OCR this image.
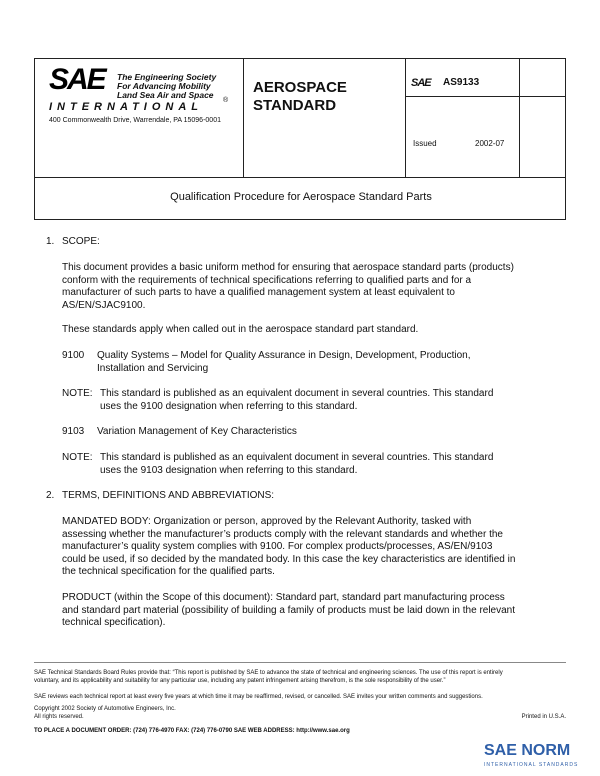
SAE The Engineering Society
For Advancing Mobility
Land Sea Air and Space
INTERNATIONAL
®
400 Commonwealth Drive, Warrendale, PA 15096-0001
AEROSPACE
STANDARD
SAE AS9133
Issued	2002-07
Qualification Procedure for Aerospace Standard Parts
1. SCOPE:
This document provides a basic uniform method for ensuring that aerospace standard parts (products)
conform with the requirements of technical specifications referring to qualified parts and for a
manufacturer of such parts to have a qualified management system at least equivalent to
AS/EN/SJAC9100.
These standards apply when called out in the aerospace standard part standard.
9100 Quality Systems – Model for Quality Assurance in Design, Development, Production,
Installation and Servicing
NOTE: This standard is published as an equivalent document in several countries. This standard
uses the 9100 designation when referring to this standard.
9103 Variation Management of Key Characteristics
NOTE: This standard is published as an equivalent document in several countries. This standard
uses the 9103 designation when referring to this standard.
2. TERMS, DEFINITIONS AND ABBREVIATIONS:
MANDATED BODY: Organization or person, approved by the Relevant Authority, tasked with
assessing whether the manufacturer’s products comply with the relevant standards and whether the
manufacturer’s quality system complies with 9100. For complex products/processes, AS/EN/9103
could be used, if so decided by the mandated body. In this case the key characteristics are identified in
the technical specification for the qualified parts.
PRODUCT (within the Scope of this document): Standard part, standard part manufacturing process
and standard part material (possibility of building a family of products must be laid down in the relevant
technical specification).
SAE Technical Standards Board Rules provide that: “This report is published by SAE to advance the state of technical and engineering sciences. The use of this report is entirely
voluntary, and its applicability and suitability for any particular use, including any patent infringement arising therefrom, is the sole responsibility of the user.”
SAE reviews each technical report at least every five years at which time it may be reaffirmed, revised, or cancelled. SAE invites your written comments and suggestions.
Copyright 2002 Society of Automotive Engineers, Inc.
All rights reserved.	Printed in U.S.A.
TO PLACE A DOCUMENT ORDER: (724) 776-4970 FAX: (724) 776-0790 SAE WEB ADDRESS: http://www.sae.org
SAE NORM
INTERNATIONAL STANDARDS
